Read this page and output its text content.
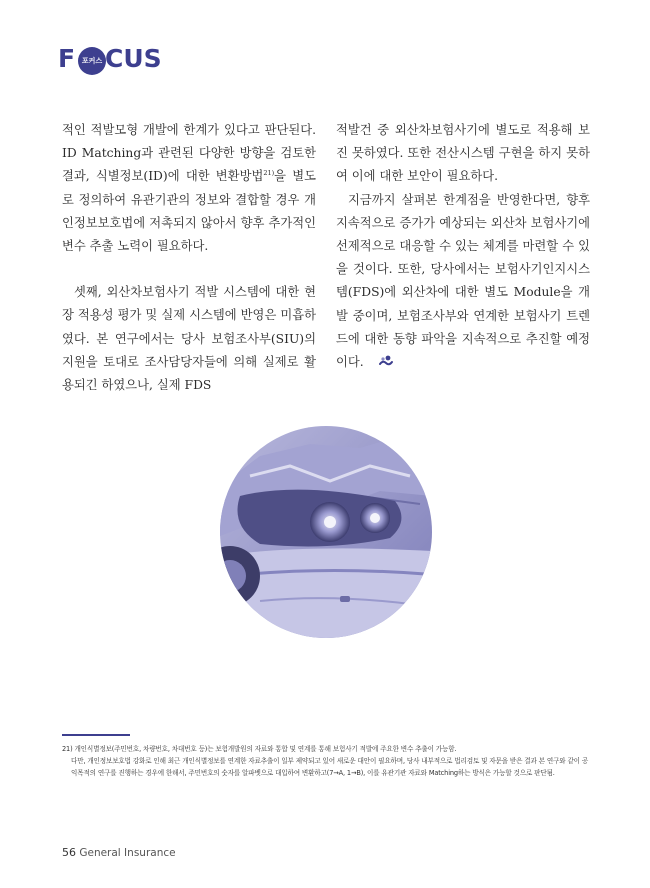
F 포커스 CUS

적인 적발모형 개발에 한계가 있다고 판단된다. ID Matching과 관련된 다양한 방향을 검토한 결과, 식별정보(ID)에 대한 변환방법$^{21)}$을 별도로 정의하여 유관기관의 정보와 결합할 경우 개인정보보호법에 저촉되지 않아서 향후 추가적인 변수 추출 노력이 필요하다.

셋째, 외산차보험사기 적발 시스템에 대한 현장 적용성 평가 및 실제 시스템에 반영은 미흡하였다. 본 연구에서는 당사 보험조사부(SIU)의 지원을 토대로 조사담당자들에 의해 실제로 활용되긴 하였으나, 실제 FDS

적발건 중 외산차보험사기에 별도로 적용해 보진 못하였다. 또한 전산시스템 구현을 하지 못하여 이에 대한 보안이 필요하다.

지금까지 살펴본 한계점을 반영한다면, 향후 지속적으로 증가가 예상되는 외산차 보험사기에 선제적으로 대응할 수 있는 체계를 마련할 수 있을 것이다. 또한, 당사에서는 보험사기인지시스템(FDS)에 외산차에 대한 별도 Module을 개발 중이며, 보험조사부와 연계한 보험사기 트렌드에 대한 동향 파악을 지속적으로 추진할 예정이다.

21) 개인식별정보(주민번호, 차량번호, 차대번호 등)는 보험개발원의 자료와 통합 및 연계를 통해 보험사기 적발에 주요한 변수 추출이 가능함.
다만, 개인정보보호법 강화로 인해 최근 개인식별정보를 연계한 자료추출이 일부 제약되고 있어 새로운 대안이 필요하며, 당사 내부적으로 법리검토 및 자문을 받은 결과 본 연구와 같이 공익목적의 연구를 진행하는 경우에 한해서, 주민번호의 숫자를 알파벳으로 대입하여 변환하고(7→A, 1→B), 이를 유관기관 자료와 Matching하는 방식은 가능할 것으로 판단됨.
56 General Insurance
